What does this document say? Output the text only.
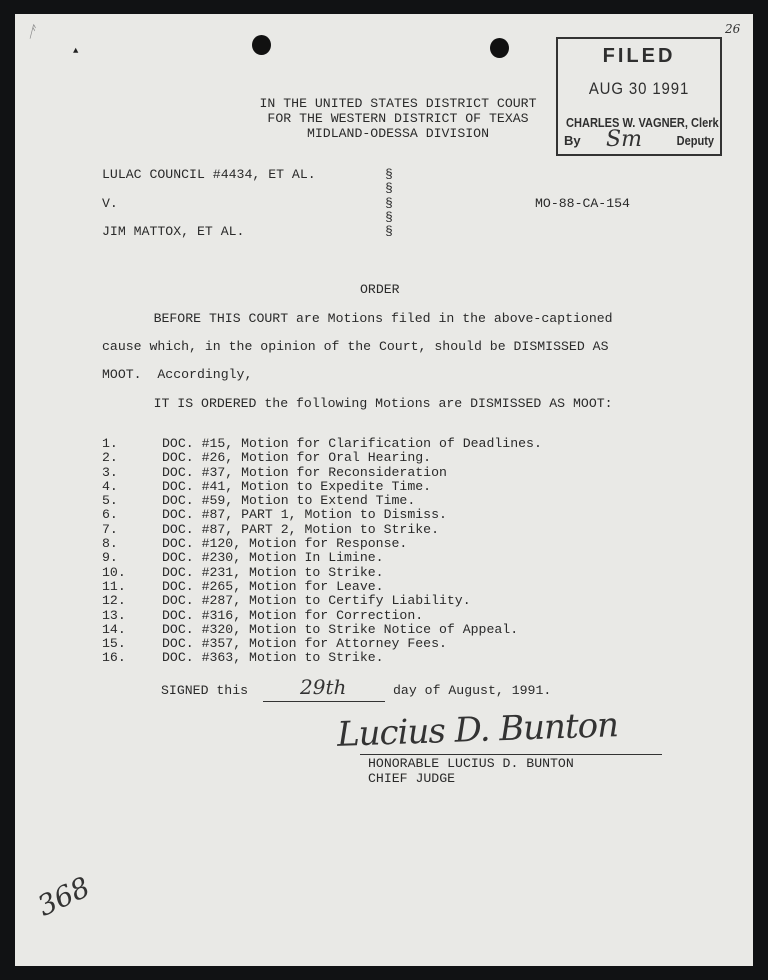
ᚨ
▲
26
FILED
AUG 30 1991
CHARLES W. VAGNER, Clerk
By Sm	Deputy
IN THE UNITED STATES DISTRICT COURT
FOR THE WESTERN DISTRICT OF TEXAS
MIDLAND-ODESSA DIVISION
LULAC COUNCIL #4434, ET AL.
V.
JIM MATTOX, ET AL.
§
§
§
§
§
MO-88-CA-154
ORDER
BEFORE THIS COURT are Motions filed in the above-captioned
cause which, in the opinion of the Court, should be DISMISSED AS
MOOT.  Accordingly,
IT IS ORDERED the following Motions are DISMISSED AS MOOT:
1.	DOC. #15, Motion for Clarification of Deadlines.
2.	DOC. #26, Motion for Oral Hearing.
3.	DOC. #37, Motion for Reconsideration
4.	DOC. #41, Motion to Expedite Time.
5.	DOC. #59, Motion to Extend Time.
6.	DOC. #87, PART 1, Motion to Dismiss.
7.	DOC. #87, PART 2, Motion to Strike.
8.	DOC. #120, Motion for Response.
9.	DOC. #230, Motion In Limine.
10.	DOC. #231, Motion to Strike.
11.	DOC. #265, Motion for Leave.
12.	DOC. #287, Motion to Certify Liability.
13.	DOC. #316, Motion for Correction.
14.	DOC. #320, Motion to Strike Notice of Appeal.
15.	DOC. #357, Motion for Attorney Fees.
16.	DOC. #363, Motion to Strike.
SIGNED this	29th	day of August, 1991.
Lucius D. Bunton
HONORABLE LUCIUS D. BUNTON
CHIEF JUDGE
368
